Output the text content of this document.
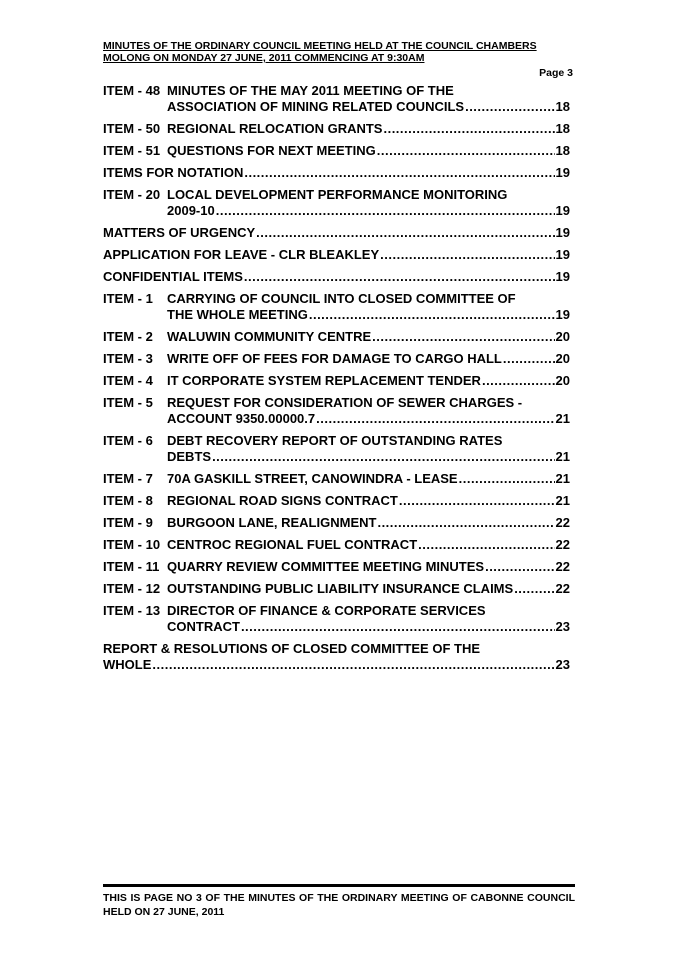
MINUTES OF THE ORDINARY COUNCIL MEETING HELD AT THE COUNCIL CHAMBERS
MOLONG ON MONDAY 27 JUNE, 2011 COMMENCING AT 9:30AM
Page 3
ITEM - 48 MINUTES OF THE MAY 2011 MEETING OF THE
ASSOCIATION OF MINING RELATED COUNCILS .....	18
ITEM - 50 REGIONAL RELOCATION GRANTS .....	18
ITEM - 51 QUESTIONS FOR NEXT MEETING .....	18
ITEMS FOR NOTATION .....	19
ITEM - 20 LOCAL DEVELOPMENT PERFORMANCE MONITORING
2009-10 .....	19
MATTERS OF URGENCY .....	19
APPLICATION FOR LEAVE - CLR BLEAKLEY .....	19
CONFIDENTIAL ITEMS .....	19
ITEM - 1	CARRYING OF COUNCIL INTO CLOSED COMMITTEE OF
THE WHOLE MEETING .....	19
ITEM - 2	WALUWIN COMMUNITY CENTRE .....	20
ITEM - 3	WRITE OFF OF FEES FOR DAMAGE TO CARGO HALL .....	20
ITEM - 4	IT CORPORATE SYSTEM REPLACEMENT TENDER .....	20
ITEM - 5	REQUEST FOR CONSIDERATION OF SEWER CHARGES -
ACCOUNT 9350.00000.7 .....	21
ITEM - 6	DEBT RECOVERY REPORT OF OUTSTANDING RATES
DEBTS .....	21
ITEM - 7	70A GASKILL STREET, CANOWINDRA - LEASE .....	21
ITEM - 8	REGIONAL ROAD SIGNS CONTRACT .....	21
ITEM - 9	BURGOON LANE, REALIGNMENT .....	22
ITEM - 10 CENTROC REGIONAL FUEL CONTRACT .....	22
ITEM - 11 QUARRY REVIEW COMMITTEE MEETING MINUTES .....	22
ITEM - 12 OUTSTANDING PUBLIC LIABILITY INSURANCE CLAIMS .....	22
ITEM - 13 DIRECTOR OF FINANCE & CORPORATE SERVICES
CONTRACT .....	23
REPORT & RESOLUTIONS OF CLOSED COMMITTEE OF THE
WHOLE .....	23
THIS IS PAGE NO 3 OF THE MINUTES OF THE ORDINARY MEETING OF CABONNE COUNCIL HELD ON 27 JUNE, 2011
